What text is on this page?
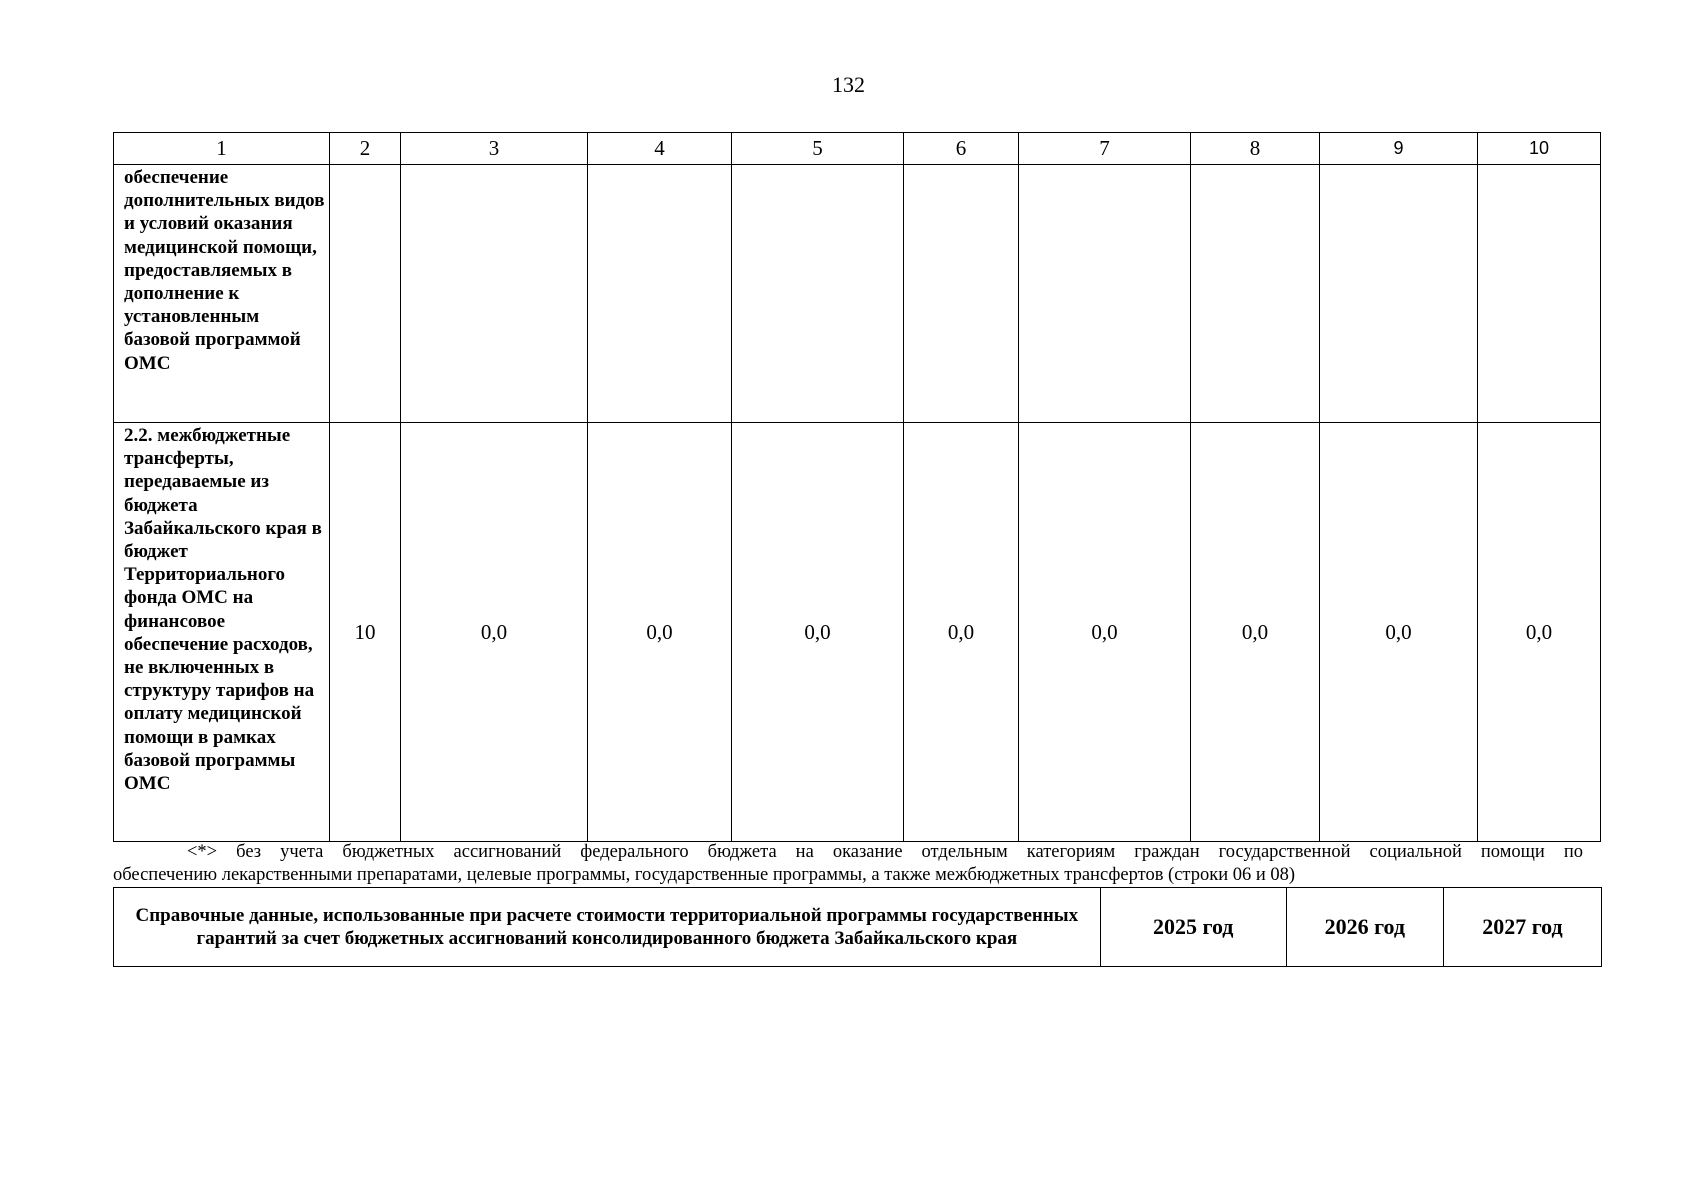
132
1	2	3	4	5	6	7	8	9	10
обеспечение дополнительных видов и условий оказания медицинской помощи, предоставляемых в дополнение к установленным базовой программой ОМС									
2.2. межбюджетные трансферты, передаваемые из бюджета Забайкальского края в бюджет Территориального фонда ОМС на финансовое обеспечение расходов, не включенных в структуру тарифов на оплату медицинской помощи в рамках базовой программы ОМС	10	0,0	0,0	0,0	0,0	0,0	0,0	0,0	0,0
<*> без учета бюджетных ассигнований федерального бюджета на оказание отдельным категориям граждан государственной социальной помощи по
обеспечению лекарственными препаратами, целевые программы, государственные программы, а также межбюджетных трансфертов (строки 06 и 08)
Справочные данные, использованные при расчете стоимости территориальной программы государственных гарантий за счет бюджетных ассигнований консолидированного бюджета Забайкальского края	2025 год	2026 год	2027 год
